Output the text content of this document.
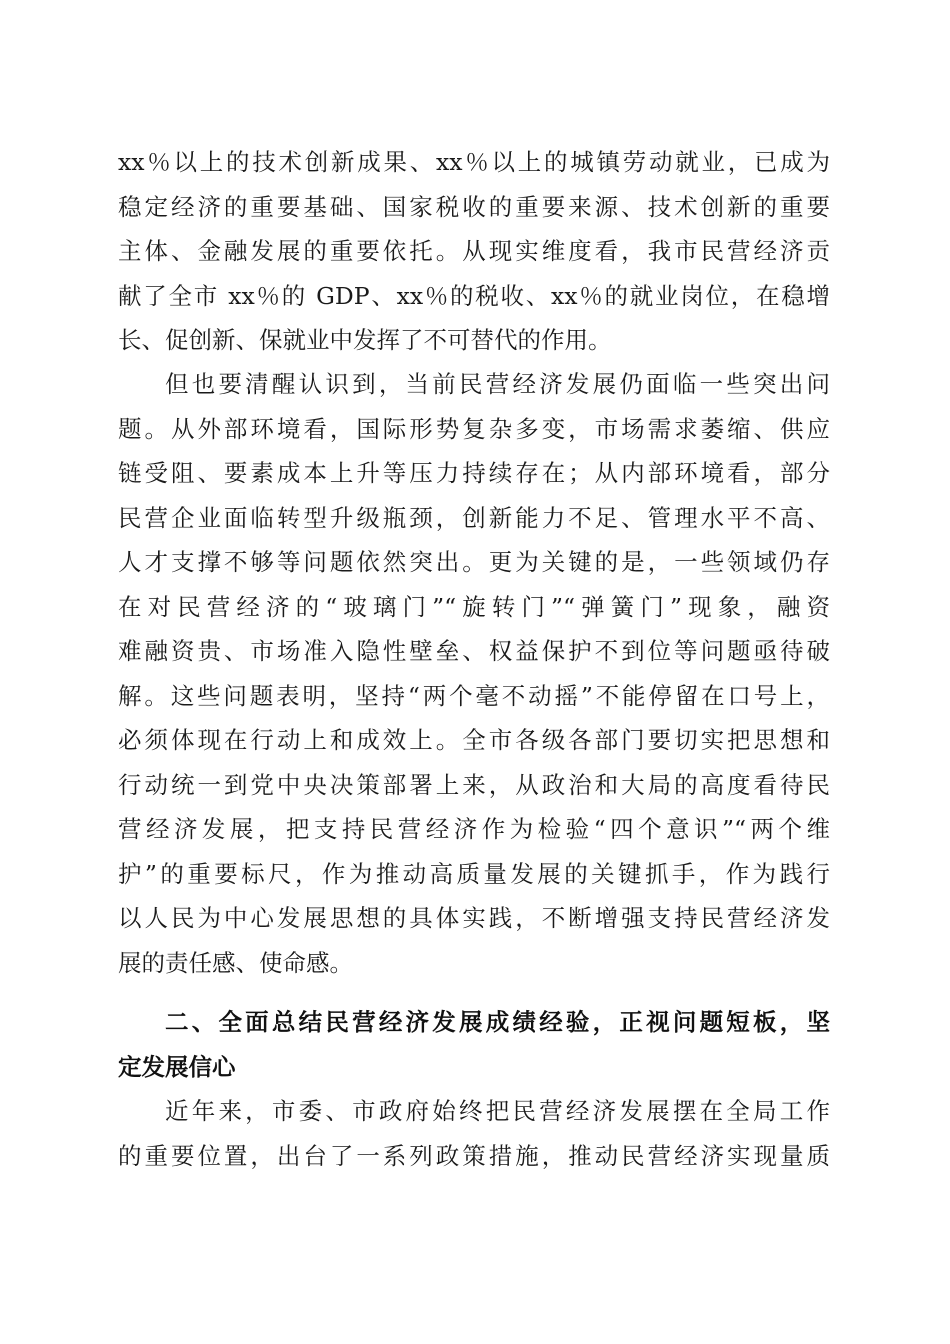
xx％以上的技术创新成果、xx％以上的城镇劳动就业，已成为
稳定经济的重要基础、国家税收的重要来源、技术创新的重要
主体、金融发展的重要依托。从现实维度看，我市民营经济贡
献了全市 xx％的 GDP、xx％的税收、xx％的就业岗位，在稳增
长、促创新、保就业中发挥了不可替代的作用。
但也要清醒认识到，当前民营经济发展仍面临一些突出问
题。从外部环境看，国际形势复杂多变，市场需求萎缩、供应
链受阻、要素成本上升等压力持续存在；从内部环境看，部分
民营企业面临转型升级瓶颈，创新能力不足、管理水平不高、
人才支撑不够等问题依然突出。更为关键的是，一些领域仍存
在对民营经济的“玻璃门”“旋转门”“弹簧门”现象，融资
难融资贵、市场准入隐性壁垒、权益保护不到位等问题亟待破
解。这些问题表明，坚持“两个毫不动摇”不能停留在口号上，
必须体现在行动上和成效上。全市各级各部门要切实把思想和
行动统一到党中央决策部署上来，从政治和大局的高度看待民
营经济发展，把支持民营经济作为检验“四个意识”“两个维
护”的重要标尺，作为推动高质量发展的关键抓手，作为践行
以人民为中心发展思想的具体实践，不断增强支持民营经济发
展的责任感、使命感。
二、全面总结民营经济发展成绩经验，正视问题短板，坚
定发展信心
近年来，市委、市政府始终把民营经济发展摆在全局工作
的重要位置，出台了一系列政策措施，推动民营经济实现量质
